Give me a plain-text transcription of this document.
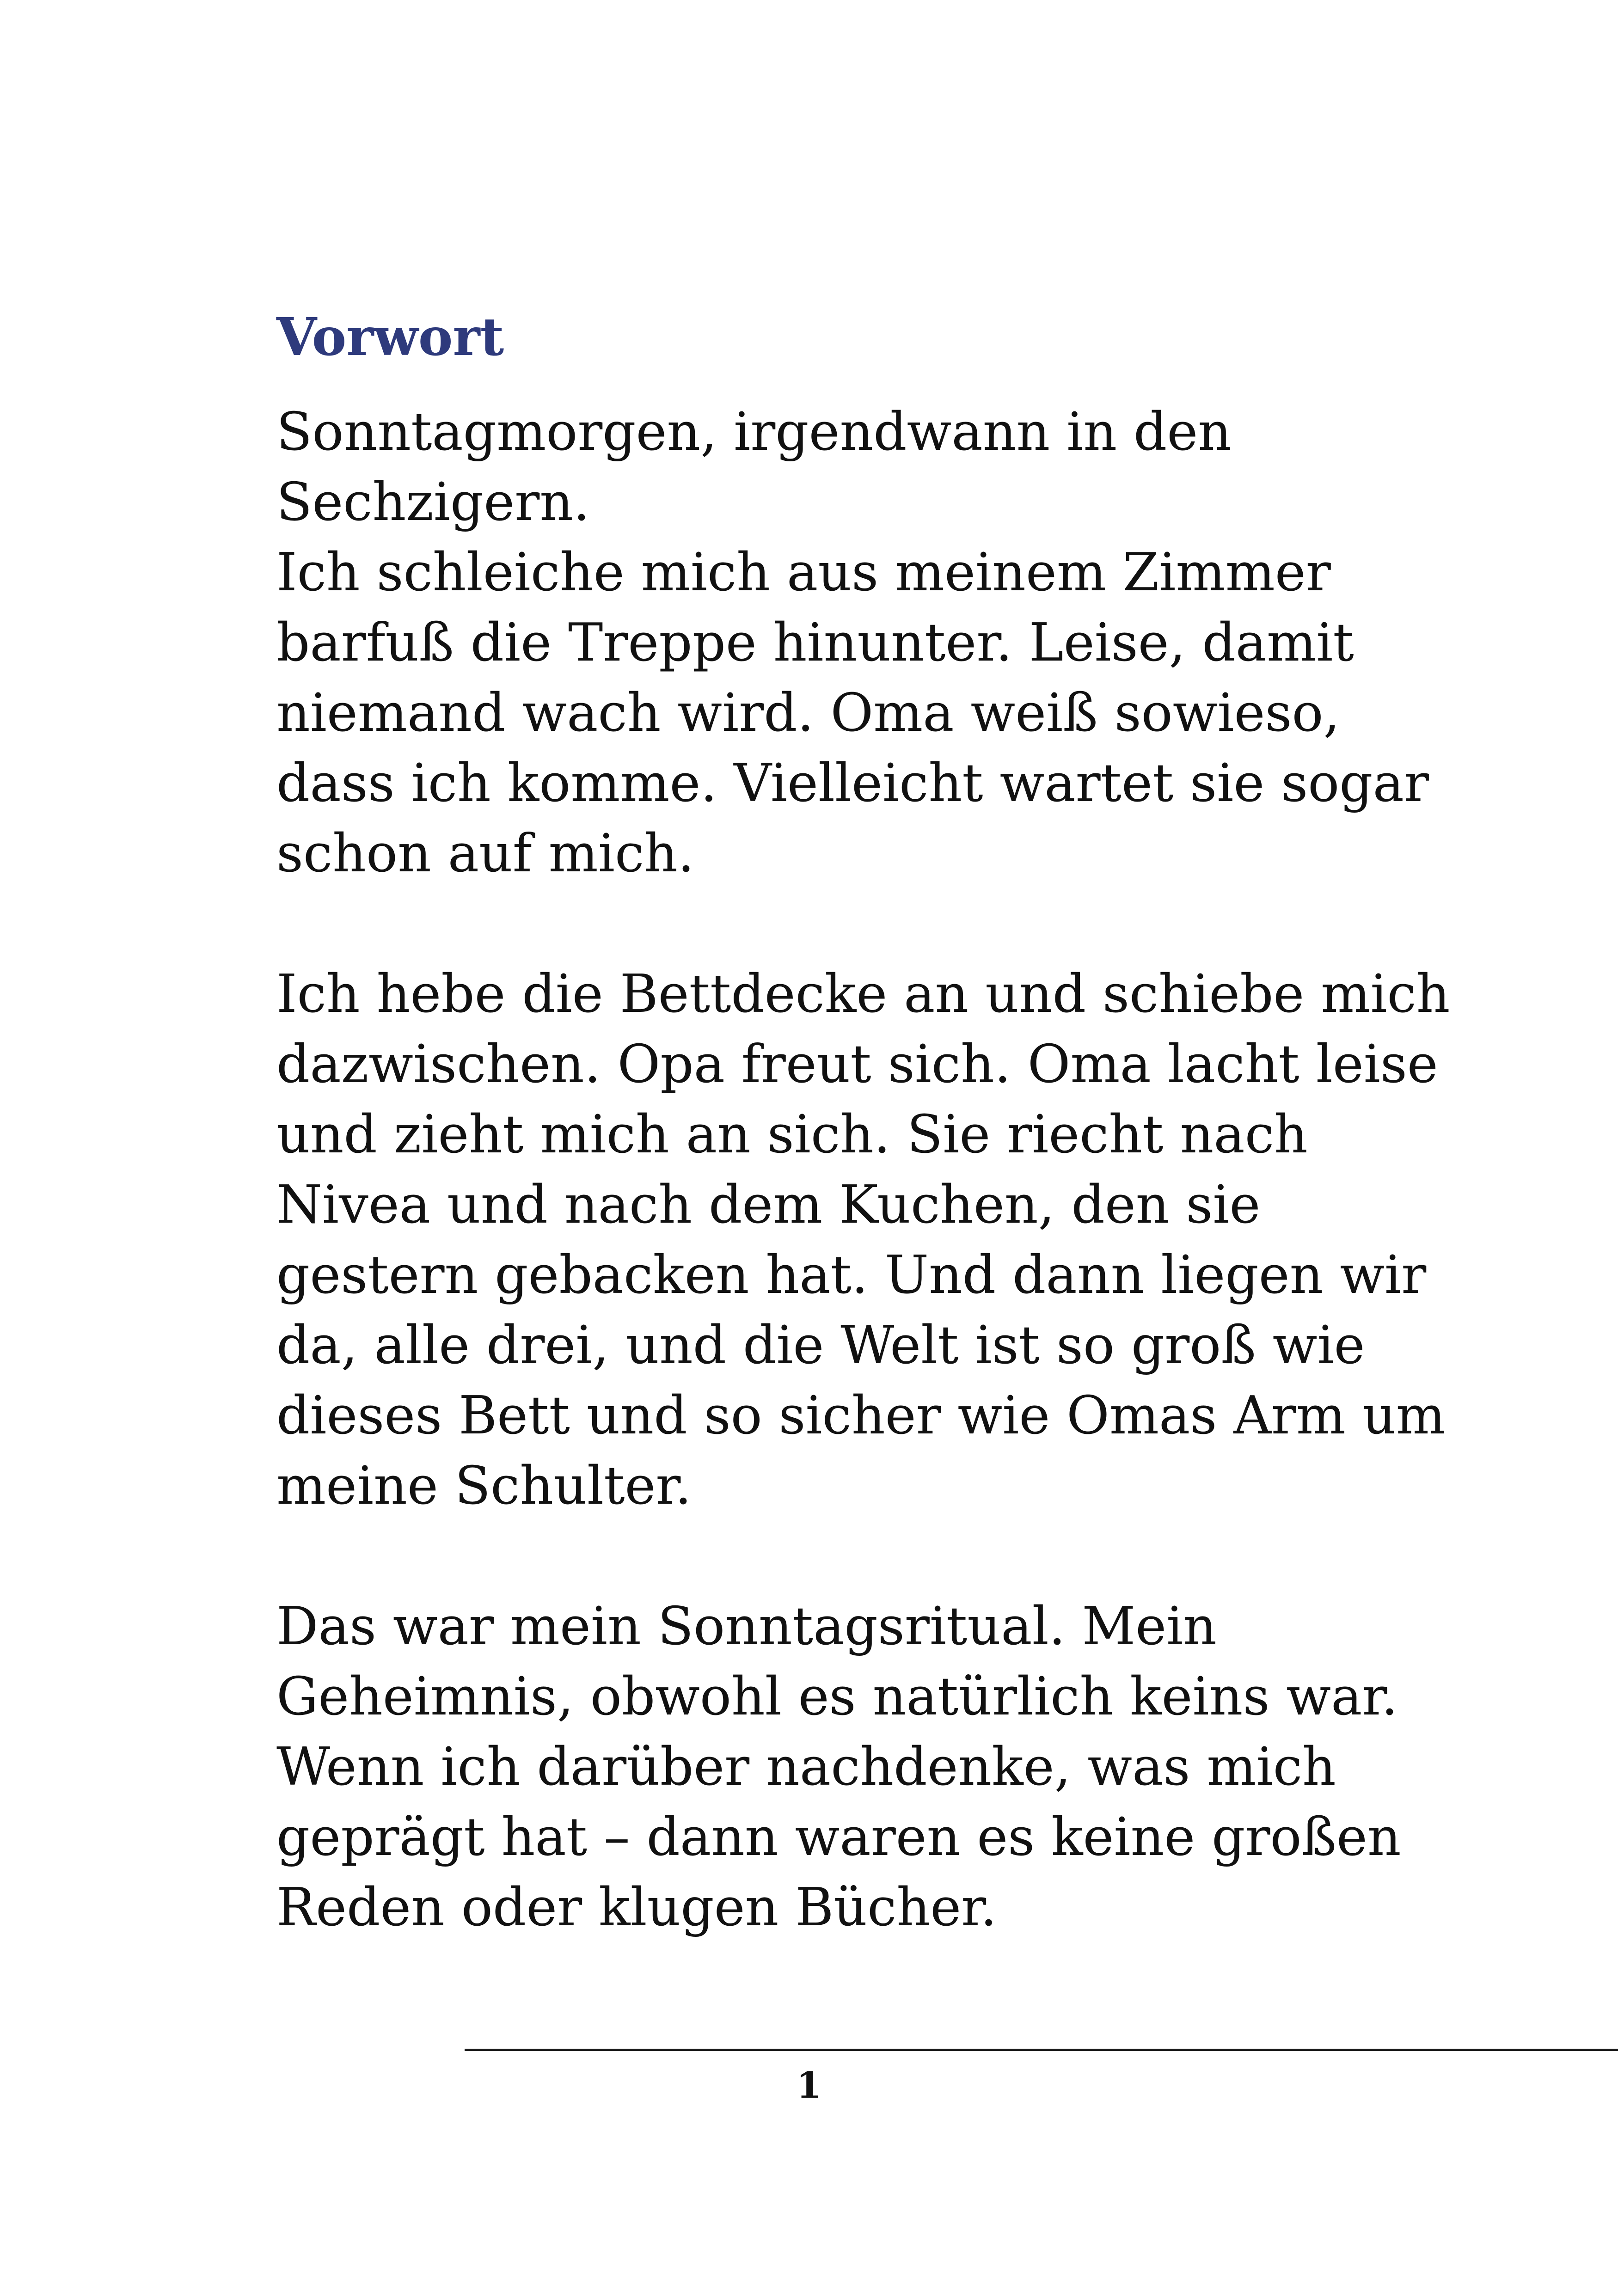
Vorwort
Sonntagmorgen, irgendwann in den
Sechzigern.
Ich schleiche mich aus meinem Zimmer
barfuß die Treppe hinunter. Leise, damit
niemand wach wird. Oma weiß sowieso,
dass ich komme. Vielleicht wartet sie sogar
schon auf mich.
Ich hebe die Bettdecke an und schiebe mich
dazwischen. Opa freut sich. Oma lacht leise
und zieht mich an sich. Sie riecht nach
Nivea und nach dem Kuchen, den sie
gestern gebacken hat. Und dann liegen wir
da, alle drei, und die Welt ist so groß wie
dieses Bett und so sicher wie Omas Arm um
meine Schulter.
Das war mein Sonntagsritual. Mein
Geheimnis, obwohl es natürlich keins war.
Wenn ich darüber nachdenke, was mich
geprägt hat – dann waren es keine großen
Reden oder klugen Bücher.
1
